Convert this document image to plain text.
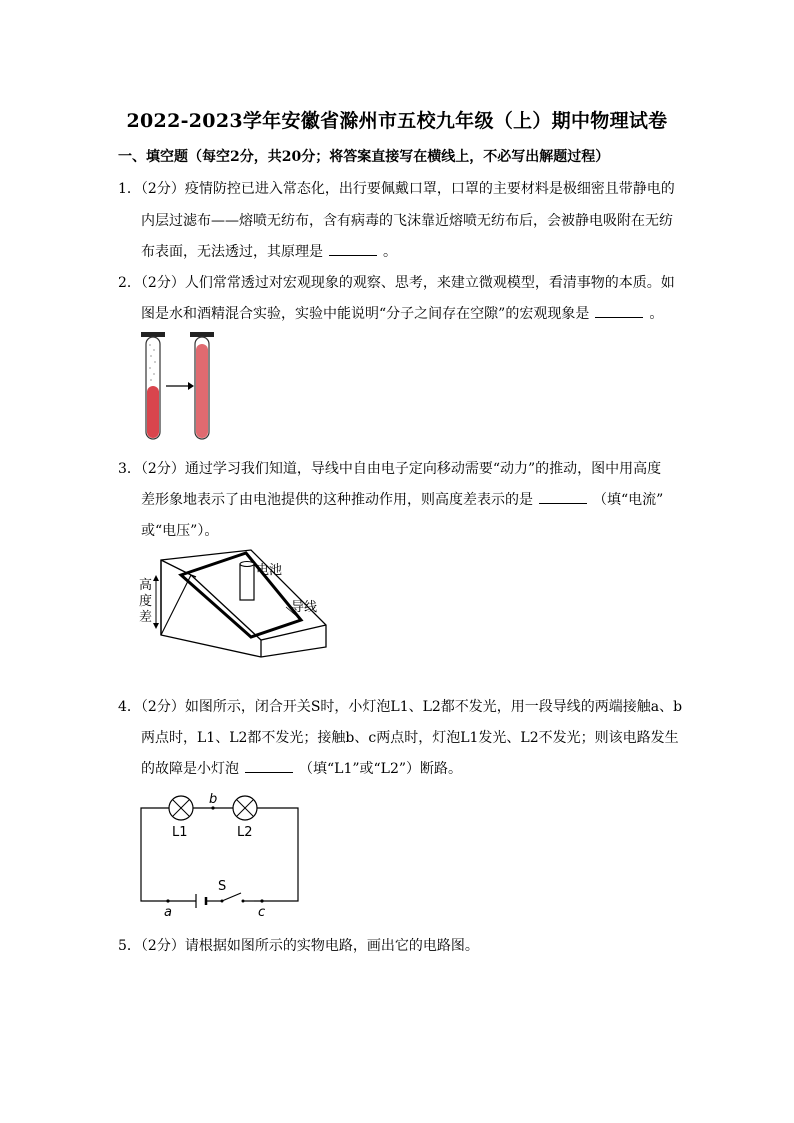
2022-2023学年安徽省滁州市五校九年级（上）期中物理试卷
一、填空题（每空2分，共20分；将答案直接写在横线上，不必写出解题过程）
1．（2分）疫情防控已进入常态化，出行要佩戴口罩，口罩的主要材料是极细密且带静电的
内层过滤布——熔喷无纺布，含有病毒的飞沫靠近熔喷无纺布后，会被静电吸附在无纺
布表面，无法透过，其原理是	。
2．（2分）人们常常透过对宏观现象的观察、思考，来建立微观模型，看清事物的本质。如
图是水和酒精混合实验，实验中能说明“分子之间存在空隙”的宏观现象是	。
3．（2分）通过学习我们知道，导线中自由电子定向移动需要“动力”的推动，图中用高度
差形象地表示了由电池提供的这种推动作用，则高度差表示的是	（填“电流”
或“电压”）。
电池
导线
高
度
差
4．（2分）如图所示，闭合开关S时，小灯泡L1、L2都不发光，用一段导线的两端接触a、b
两点时，L1、L2都不发光；接触b、c两点时，灯泡L1发光、L2不发光；则该电路发生
的故障是小灯泡	（填“L1”或“L2”）断路。
L1	L2
b
a	c
S
5．（2分）请根据如图所示的实物电路，画出它的电路图。
